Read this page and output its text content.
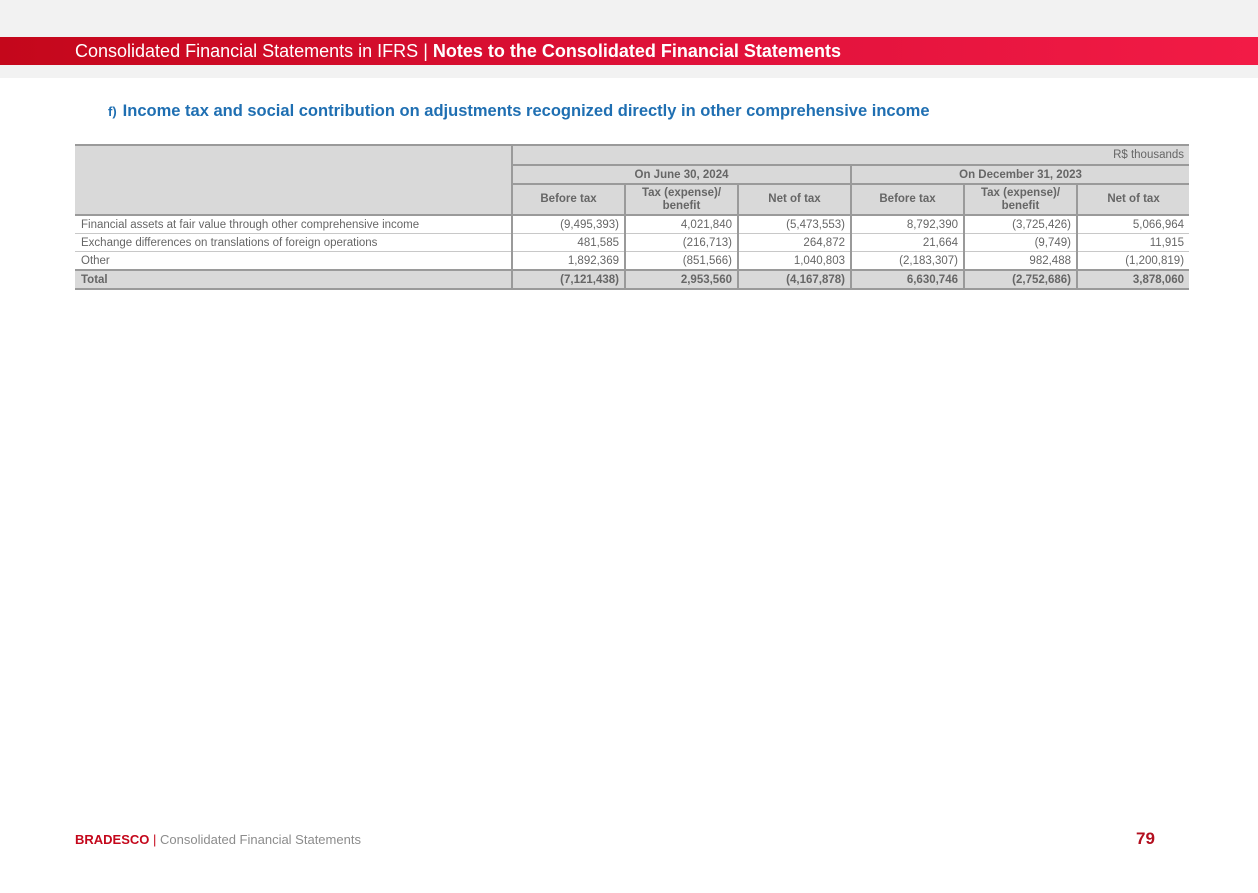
Consolidated Financial Statements in IFRS | Notes to the Consolidated Financial Statements
f) Income tax and social contribution on adjustments recognized directly in other comprehensive income
	R$ thousands					
	On June 30, 2024			On December 31, 2023		
	Before tax	Tax (expense)/ benefit	Net of tax	Before tax	Tax (expense)/ benefit	Net of tax
Financial assets at fair value through other comprehensive income	(9,495,393)	4,021,840	(5,473,553)	8,792,390	(3,725,426)	5,066,964
Exchange differences on translations of foreign operations	481,585	(216,713)	264,872	21,664	(9,749)	11,915
Other	1,892,369	(851,566)	1,040,803	(2,183,307)	982,488	(1,200,819)
Total	(7,121,438)	2,953,560	(4,167,878)	6,630,746	(2,752,686)	3,878,060
BRADESCO | Consolidated Financial Statements	79
